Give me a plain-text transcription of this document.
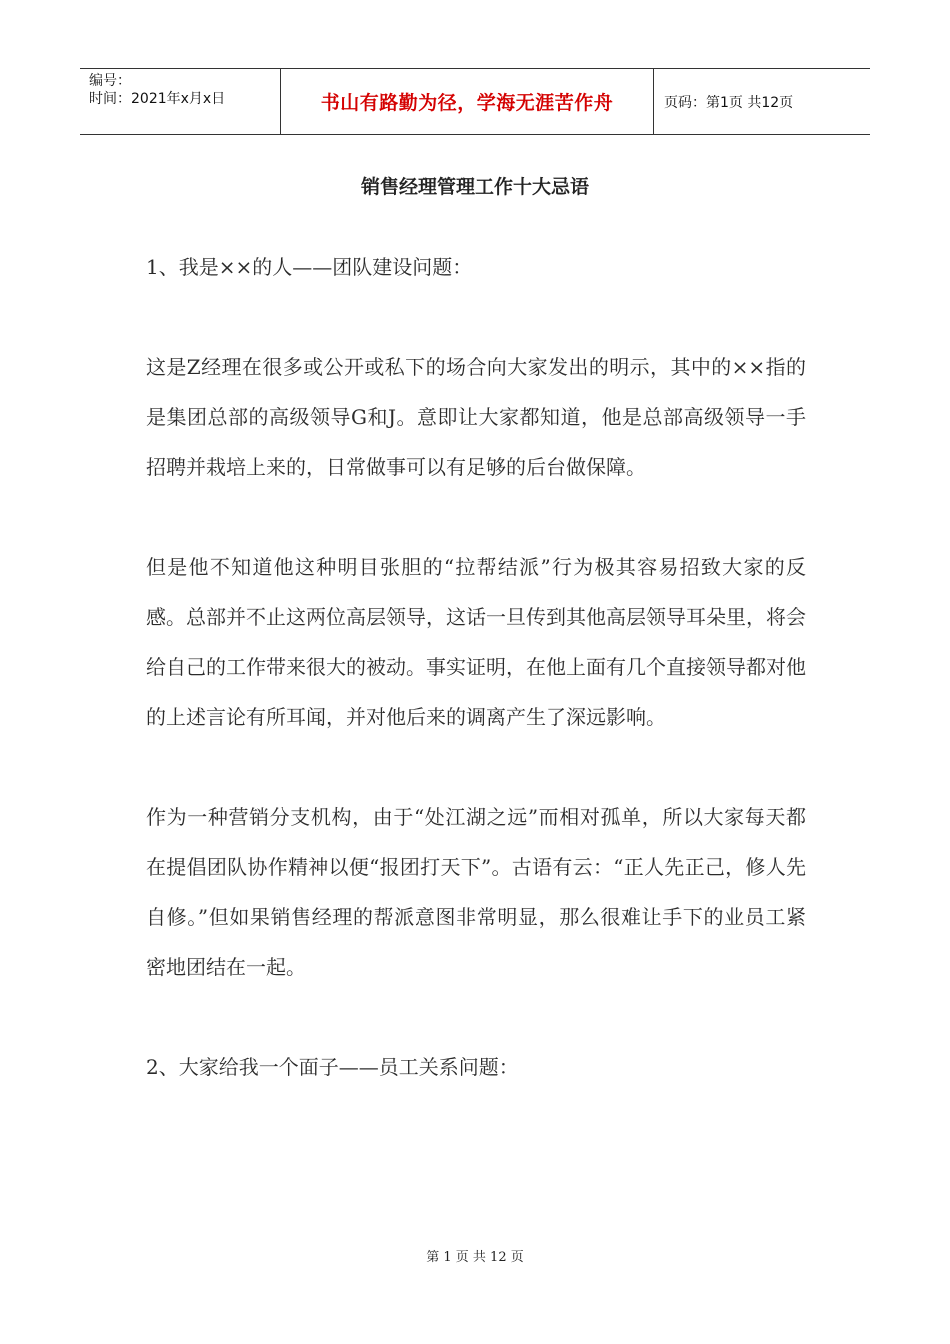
编号：
时间：2021年x月x日	书山有路勤为径，学海无涯苦作舟	页码：第1页 共12页
销售经理管理工作十大忌语

1、我是××的人——团队建设问题：

这是Z经理在很多或公开或私下的场合向大家发出的明示，其中的××指的是集团总部的高级领导G和J。意即让大家都知道，他是总部高级领导一手招聘并栽培上来的，日常做事可以有足够的后台做保障。

但是他不知道他这种明目张胆的“拉帮结派”行为极其容易招致大家的反感。总部并不止这两位高层领导，这话一旦传到其他高层领导耳朵里，将会给自己的工作带来很大的被动。事实证明，在他上面有几个直接领导都对他的上述言论有所耳闻，并对他后来的调离产生了深远影响。

作为一种营销分支机构，由于“处江湖之远”而相对孤单，所以大家每天都在提倡团队协作精神以便“报团打天下”。古语有云：“正人先正己，修人先自修。”但如果销售经理的帮派意图非常明显，那么很难让手下的业员工紧密地团结在一起。

2、大家给我一个面子——员工关系问题：

第 1 页 共 12 页
